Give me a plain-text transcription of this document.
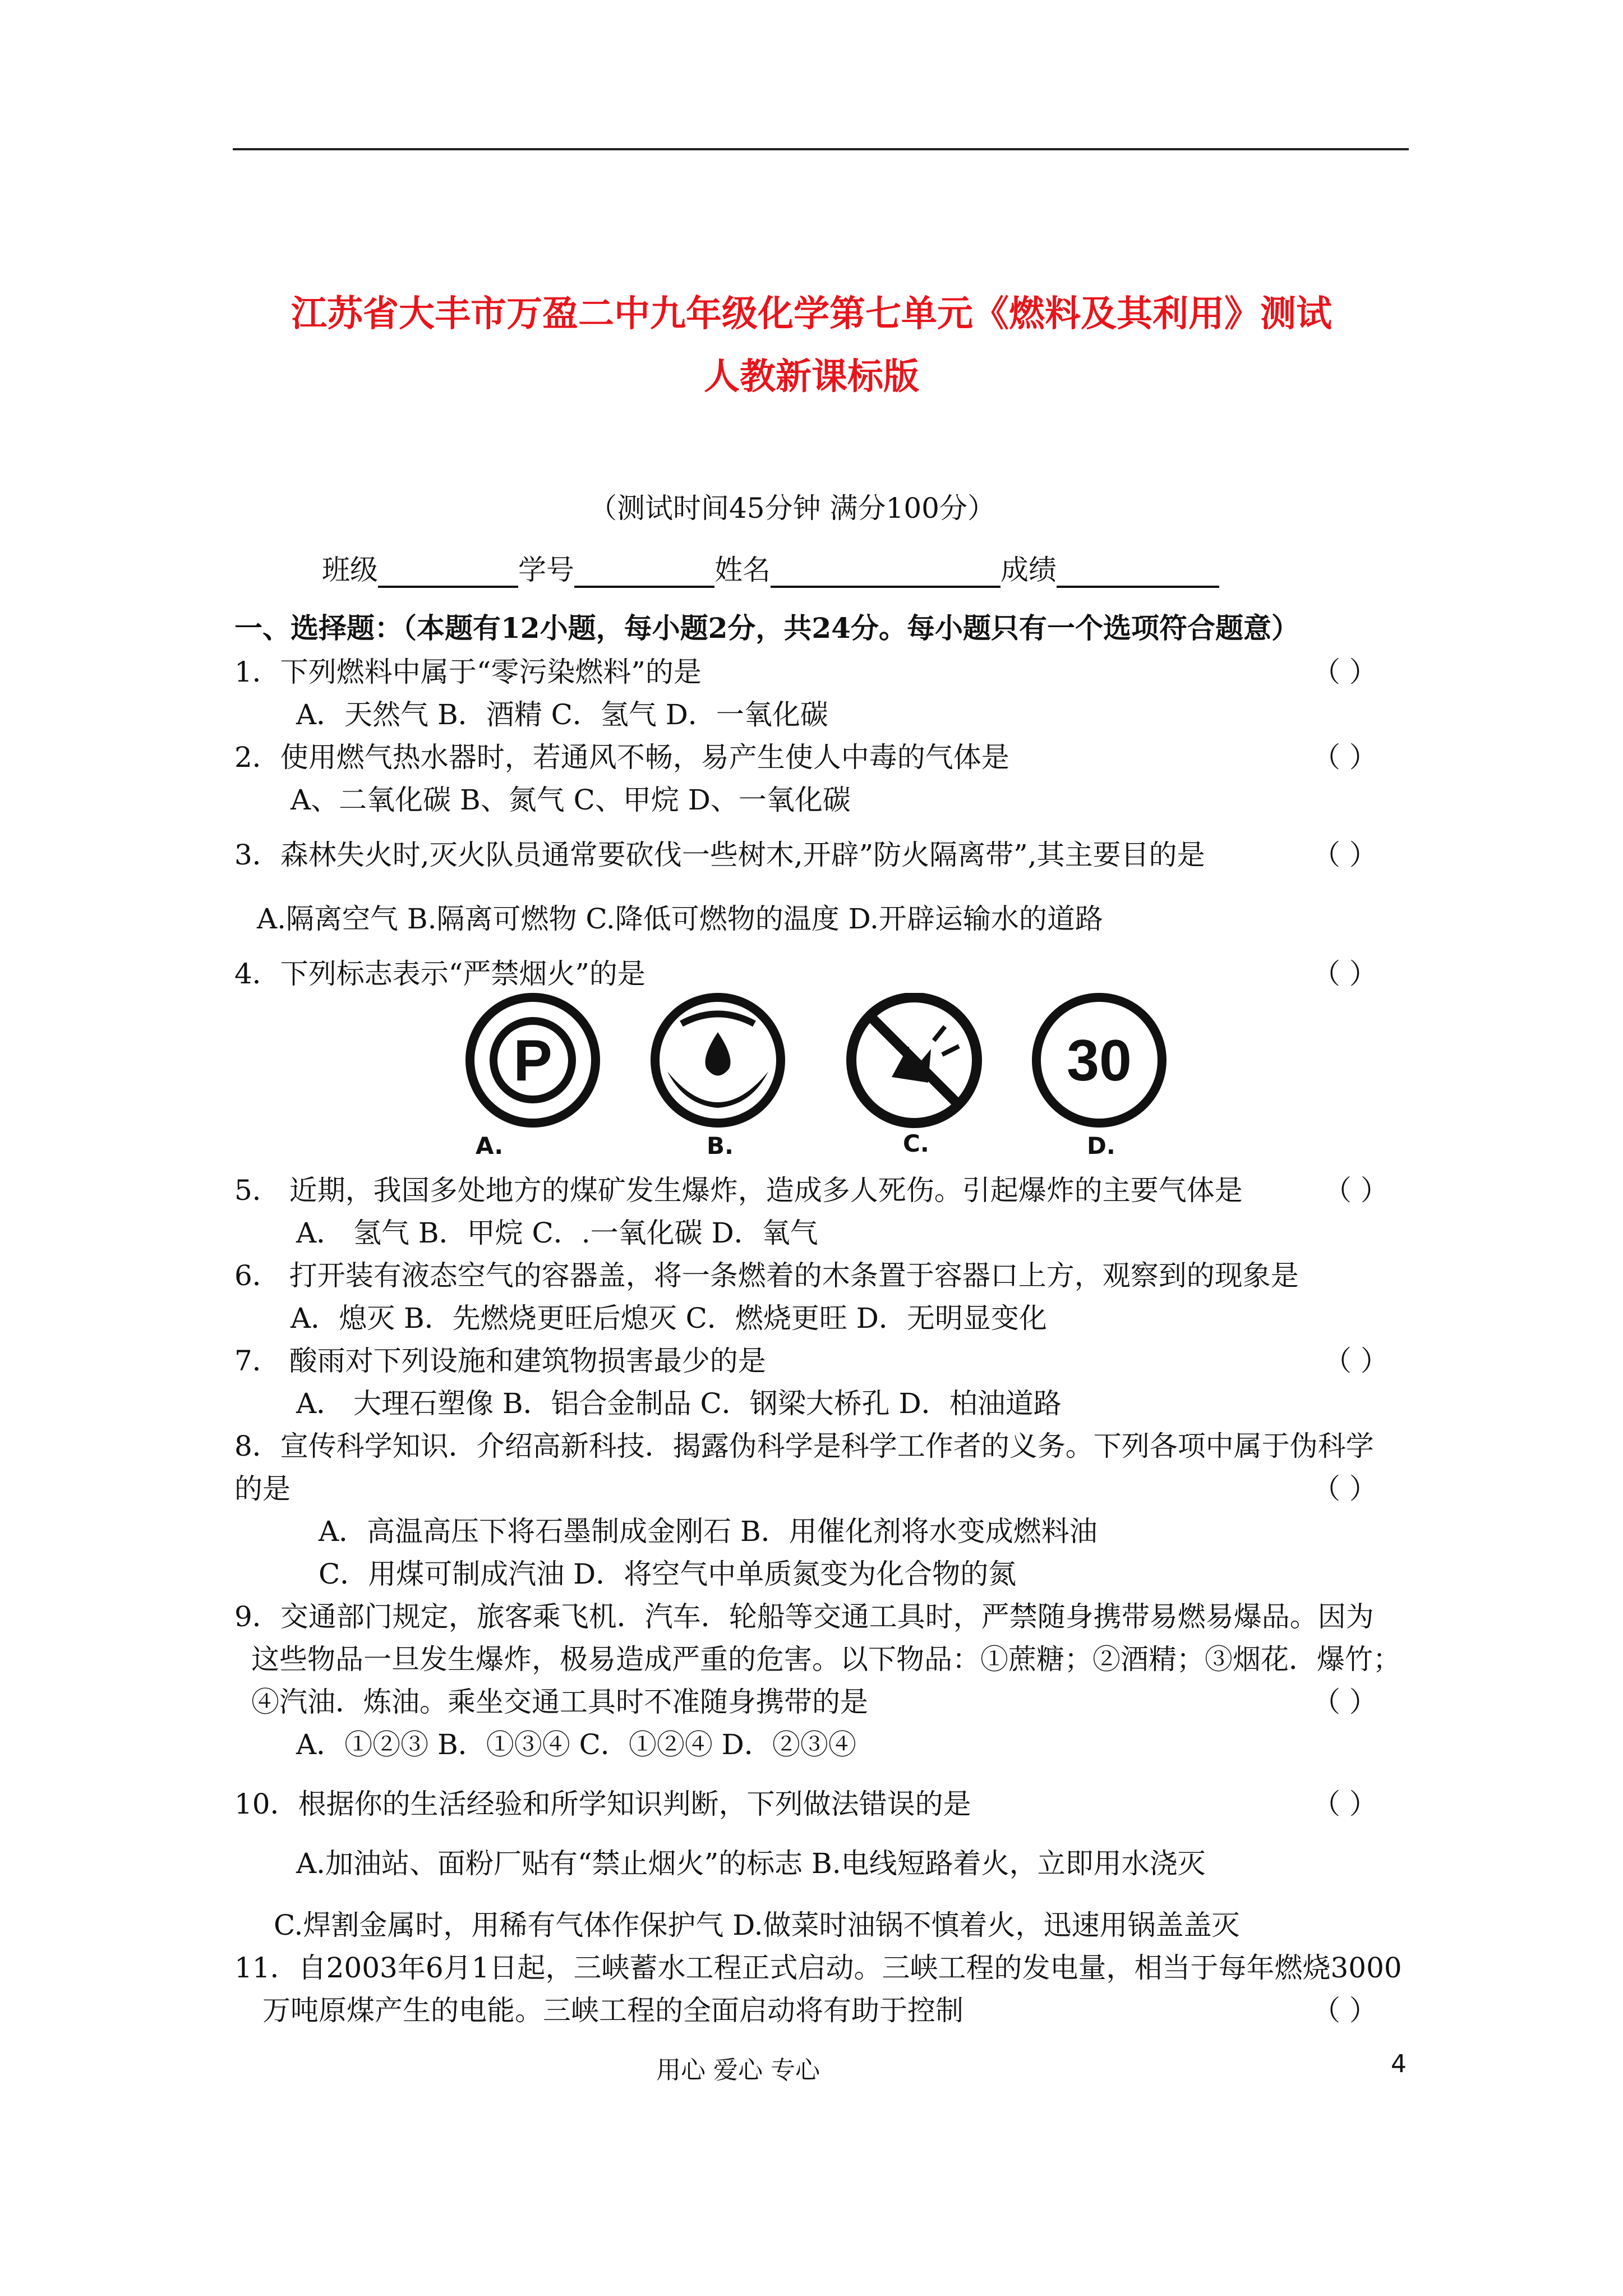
江苏省大丰市万盈二中九年级化学第七单元《燃料及其利用》测试
人教新课标版
（测试时间45分钟 满分100分）
班级	学号	姓名	成绩
一、选择题：（本题有12小题，每小题2分，共24分。每小题只有一个选项符合题意）
1．下列燃料中属于“零污染燃料”的是	（ ）
A．天然气 B．酒精 C．氢气 D．一氧化碳
2．使用燃气热水器时，若通风不畅，易产生使人中毒的气体是	（ ）
A、二氧化碳 B、氮气 C、甲烷 D、一氧化碳
3．森林失火时,灭火队员通常要砍伐一些树木,开辟”防火隔离带”,其主要目的是	（ ）
A.隔离空气 B.隔离可燃物 C.降低可燃物的温度 D.开辟运输水的道路
4．下列标志表示“严禁烟火”的是	（ ）
P	30
A.	B.	C.	D.
5． 近期，我国多处地方的煤矿发生爆炸，造成多人死伤。引起爆炸的主要气体是	（ ）
A． 氢气 B．甲烷 C．.一氧化碳 D．氧气
6． 打开装有液态空气的容器盖，将一条燃着的木条置于容器口上方，观察到的现象是
A．熄灭 B．先燃烧更旺后熄灭 C．燃烧更旺 D．无明显变化
7． 酸雨对下列设施和建筑物损害最少的是	（ ）
A． 大理石塑像 B．铝合金制品 C．钢梁大桥孔 D．柏油道路
8．宣传科学知识．介绍高新科技．揭露伪科学是科学工作者的义务。下列各项中属于伪科学
的是	（ ）
A．高温高压下将石墨制成金刚石 B．用催化剂将水变成燃料油
C．用煤可制成汽油 D．将空气中单质氮变为化合物的氮
9．交通部门规定，旅客乘飞机．汽车．轮船等交通工具时，严禁随身携带易燃易爆品。因为
这些物品一旦发生爆炸，极易造成严重的危害。以下物品：①蔗糖；②酒精；③烟花．爆竹；
④汽油．炼油。乘坐交通工具时不准随身携带的是	（ ）
A．①②③ B．①③④ C．①②④ D．②③④
10．根据你的生活经验和所学知识判断，下列做法错误的是	（ ）
A.加油站、面粉厂贴有“禁止烟火”的标志 B.电线短路着火，立即用水浇灭
C.焊割金属时，用稀有气体作保护气 D.做菜时油锅不慎着火，迅速用锅盖盖灭
11．自2003年6月1日起，三峡蓄水工程正式启动。三峡工程的发电量，相当于每年燃烧3000
万吨原煤产生的电能。三峡工程的全面启动将有助于控制	（ ）
用心 爱心 专心	4
